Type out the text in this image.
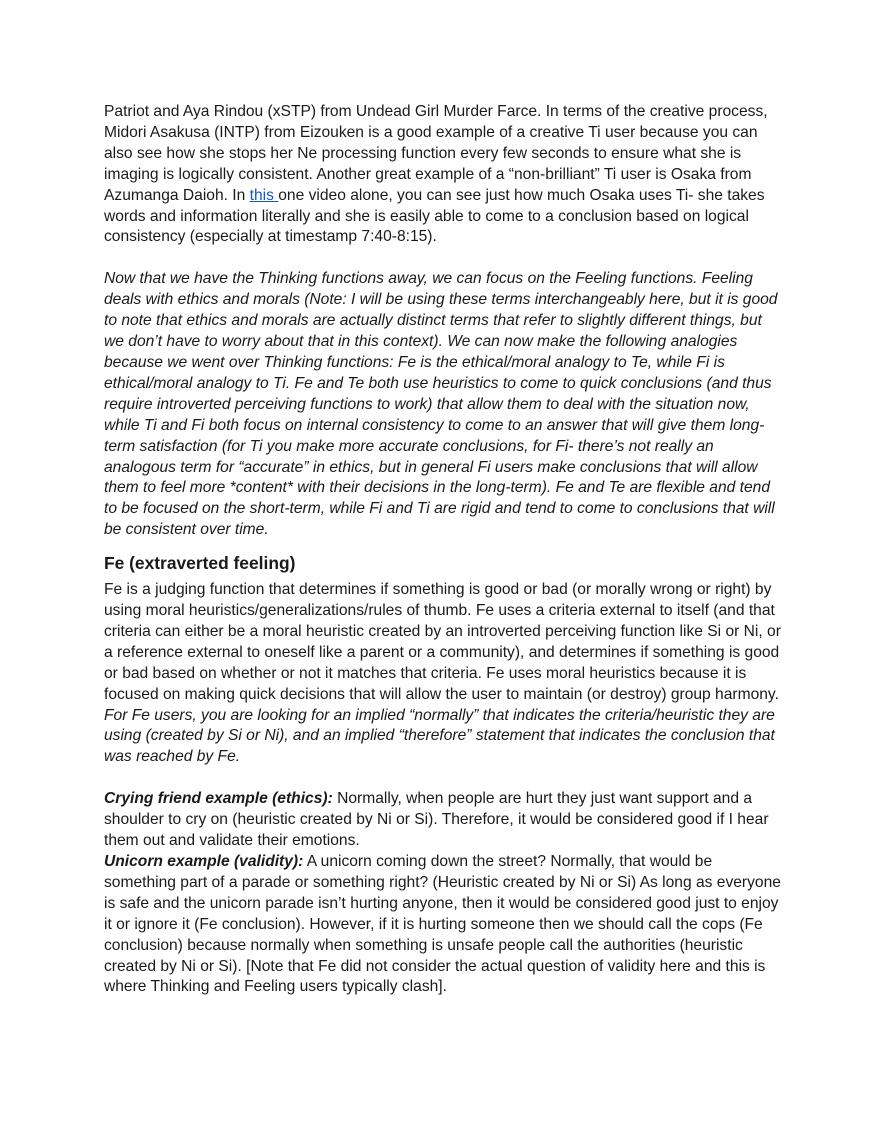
Patriot and Aya Rindou (xSTP) from Undead Girl Murder Farce. In terms of the creative process, Midori Asakusa (INTP) from Eizouken is a good example of a creative Ti user because you can also see how she stops her Ne processing function every few seconds to ensure what she is imaging is logically consistent. Another great example of a “non-brilliant” Ti user is Osaka from Azumanga Daioh. In this one video alone, you can see just how much Osaka uses Ti- she takes words and information literally and she is easily able to come to a conclusion based on logical consistency (especially at timestamp 7:40-8:15).

Now that we have the Thinking functions away, we can focus on the Feeling functions. Feeling deals with ethics and morals (Note: I will be using these terms interchangeably here, but it is good to note that ethics and morals are actually distinct terms that refer to slightly different things, but we don’t have to worry about that in this context). We can now make the following analogies because we went over Thinking functions: Fe is the ethical/moral analogy to Te, while Fi is ethical/moral analogy to Ti. Fe and Te both use heuristics to come to quick conclusions (and thus require introverted perceiving functions to work) that allow them to deal with the situation now, while Ti and Fi both focus on internal consistency to come to an answer that will give them long-term satisfaction (for Ti you make more accurate conclusions, for Fi- there’s not really an analogous term for “accurate” in ethics, but in general Fi users make conclusions that will allow them to feel more *content* with their decisions in the long-term). Fe and Te are flexible and tend to be focused on the short-term, while Fi and Ti are rigid and tend to come to conclusions that will be consistent over time.

Fe (extraverted feeling)

Fe is a judging function that determines if something is good or bad (or morally wrong or right) by using moral heuristics/generalizations/rules of thumb. Fe uses a criteria external to itself (and that criteria can either be a moral heuristic created by an introverted perceiving function like Si or Ni, or a reference external to oneself like a parent or a community), and determines if something is good or bad based on whether or not it matches that criteria. Fe uses moral heuristics because it is focused on making quick decisions that will allow the user to maintain (or destroy) group harmony. For Fe users, you are looking for an implied “normally” that indicates the criteria/heuristic they are using (created by Si or Ni), and an implied “therefore” statement that indicates the conclusion that was reached by Fe.

Crying friend example (ethics): Normally, when people are hurt they just want support and a shoulder to cry on (heuristic created by Ni or Si). Therefore, it would be considered good if I hear them out and validate their emotions.

Unicorn example (validity): A unicorn coming down the street? Normally, that would be something part of a parade or something right? (Heuristic created by Ni or Si) As long as everyone is safe and the unicorn parade isn’t hurting anyone, then it would be considered good just to enjoy it or ignore it (Fe conclusion). However, if it is hurting someone then we should call the cops (Fe conclusion) because normally when something is unsafe people call the authorities (heuristic created by Ni or Si). [Note that Fe did not consider the actual question of validity here and this is where Thinking and Feeling users typically clash].
